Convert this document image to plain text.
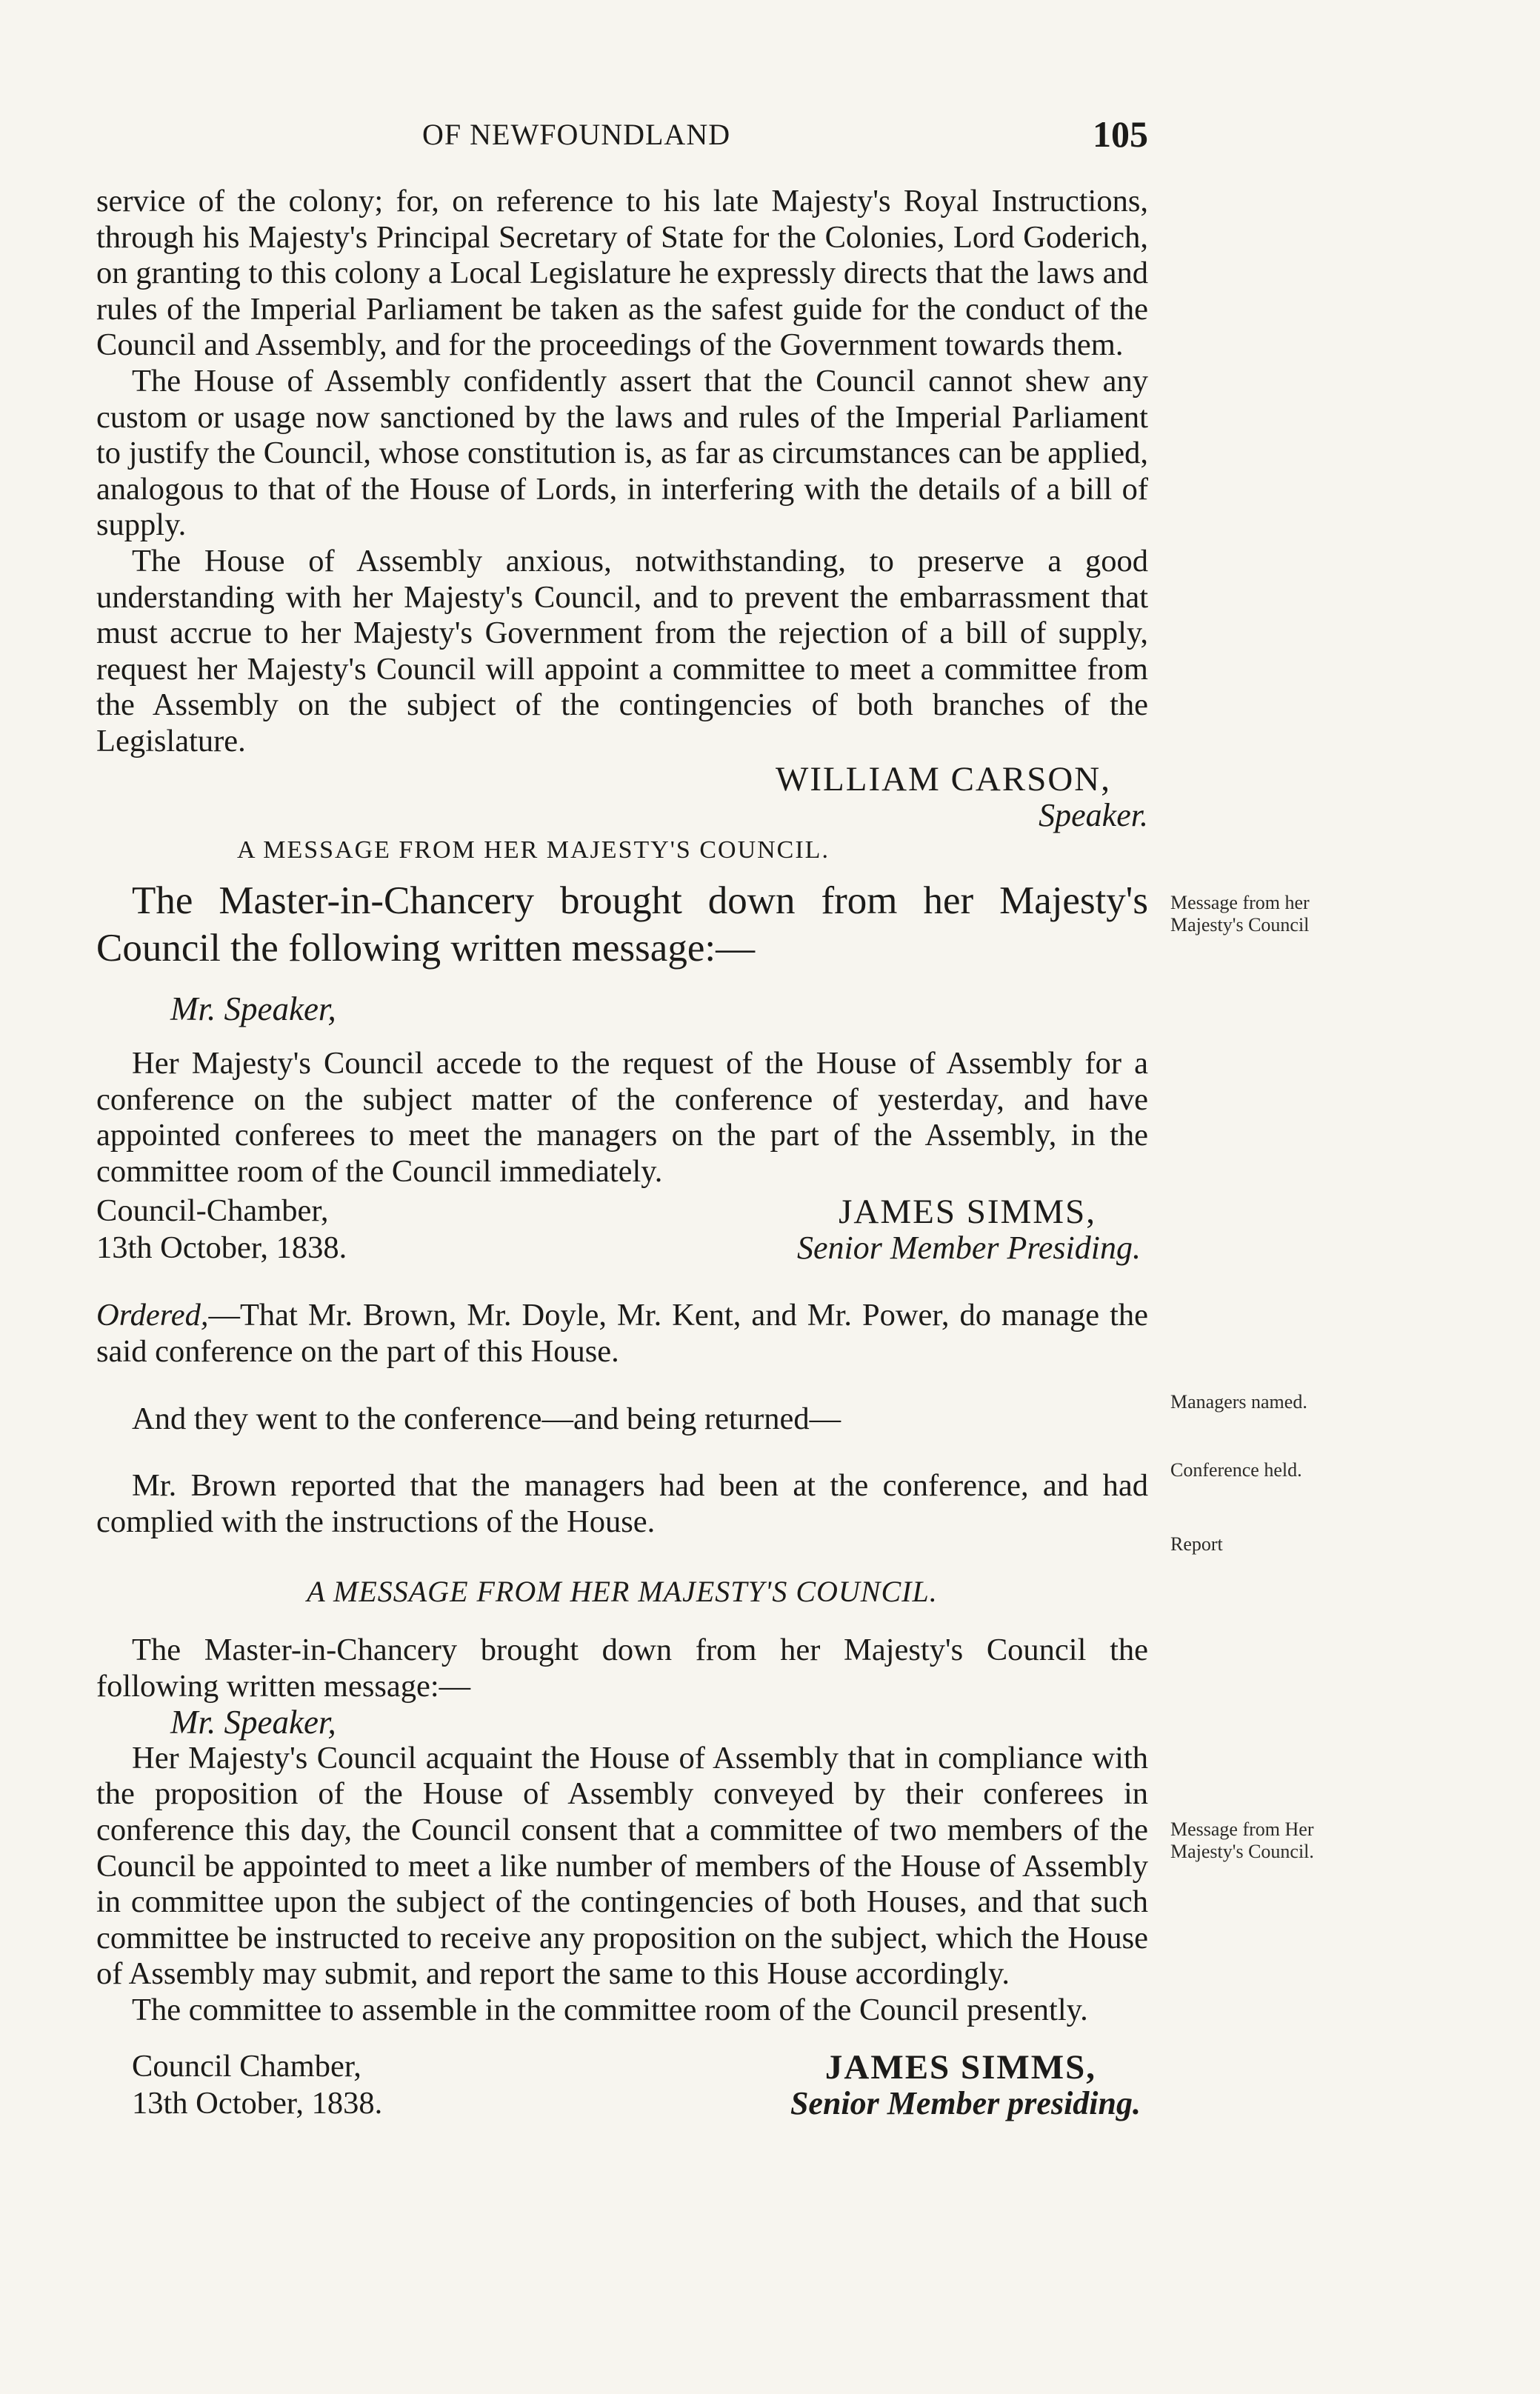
OF NEWFOUNDLAND	105

service of the colony; for, on reference to his late Majesty's Royal Instructions, through his Majesty's Principal Secretary of State for the Colonies, Lord Goderich, on granting to this colony a Local Legislature he expressly directs that the laws and rules of the Imperial Parliament be taken as the safest guide for the conduct of the Council and Assembly, and for the proceedings of the Government towards them.

The House of Assembly confidently assert that the Council cannot shew any custom or usage now sanctioned by the laws and rules of the Imperial Parliament to justify the Council, whose constitution is, as far as circumstances can be applied, analogous to that of the House of Lords, in interfering with the details of a bill of supply.

The House of Assembly anxious, notwithstanding, to preserve a good understanding with her Majesty's Council, and to prevent the embarrassment that must accrue to her Majesty's Government from the rejection of a bill of supply, request her Majesty's Council will appoint a committee to meet a committee from the Assembly on the subject of the contingencies of both branches of the Legislature.

WILLIAM CARSON,

Speaker.

A MESSAGE FROM HER MAJESTY'S COUNCIL.

The Master-in-Chancery brought down from her Majesty's Council the following written message:—

Mr. Speaker,

Her Majesty's Council accede to the request of the House of Assembly for a conference on the subject matter of the conference of yesterday, and have appointed conferees to meet the managers on the part of the Assembly, in the committee room of the Council immediately.

Council-Chamber,
13th October, 1838.
JAMES SIMMS,
Senior Member Presiding.

Ordered,—That Mr. Brown, Mr. Doyle, Mr. Kent, and Mr. Power, do manage the said conference on the part of this House.

And they went to the conference—and being returned—

Mr. Brown reported that the managers had been at the conference, and had complied with the instructions of the House.

A MESSAGE FROM HER MAJESTY'S COUNCIL.

The Master-in-Chancery brought down from her Majesty's Council the following written message:—

Mr. Speaker,

Her Majesty's Council acquaint the House of Assembly that in compliance with the proposition of the House of Assembly conveyed by their conferees in conference this day, the Council consent that a committee of two members of the Council be appointed to meet a like number of members of the House of Assembly in committee upon the subject of the contingencies of both Houses, and that such committee be instructed to receive any proposition on the subject, which the House of Assembly may submit, and report the same to this House accordingly.

The committee to assemble in the committee room of the Council presently.

Council Chamber,
13th October, 1838.
JAMES SIMMS,
Senior Member presiding.
Message from her Majesty's Council
Managers named.
Conference held.
Report
Message from Her Majesty's Council.
